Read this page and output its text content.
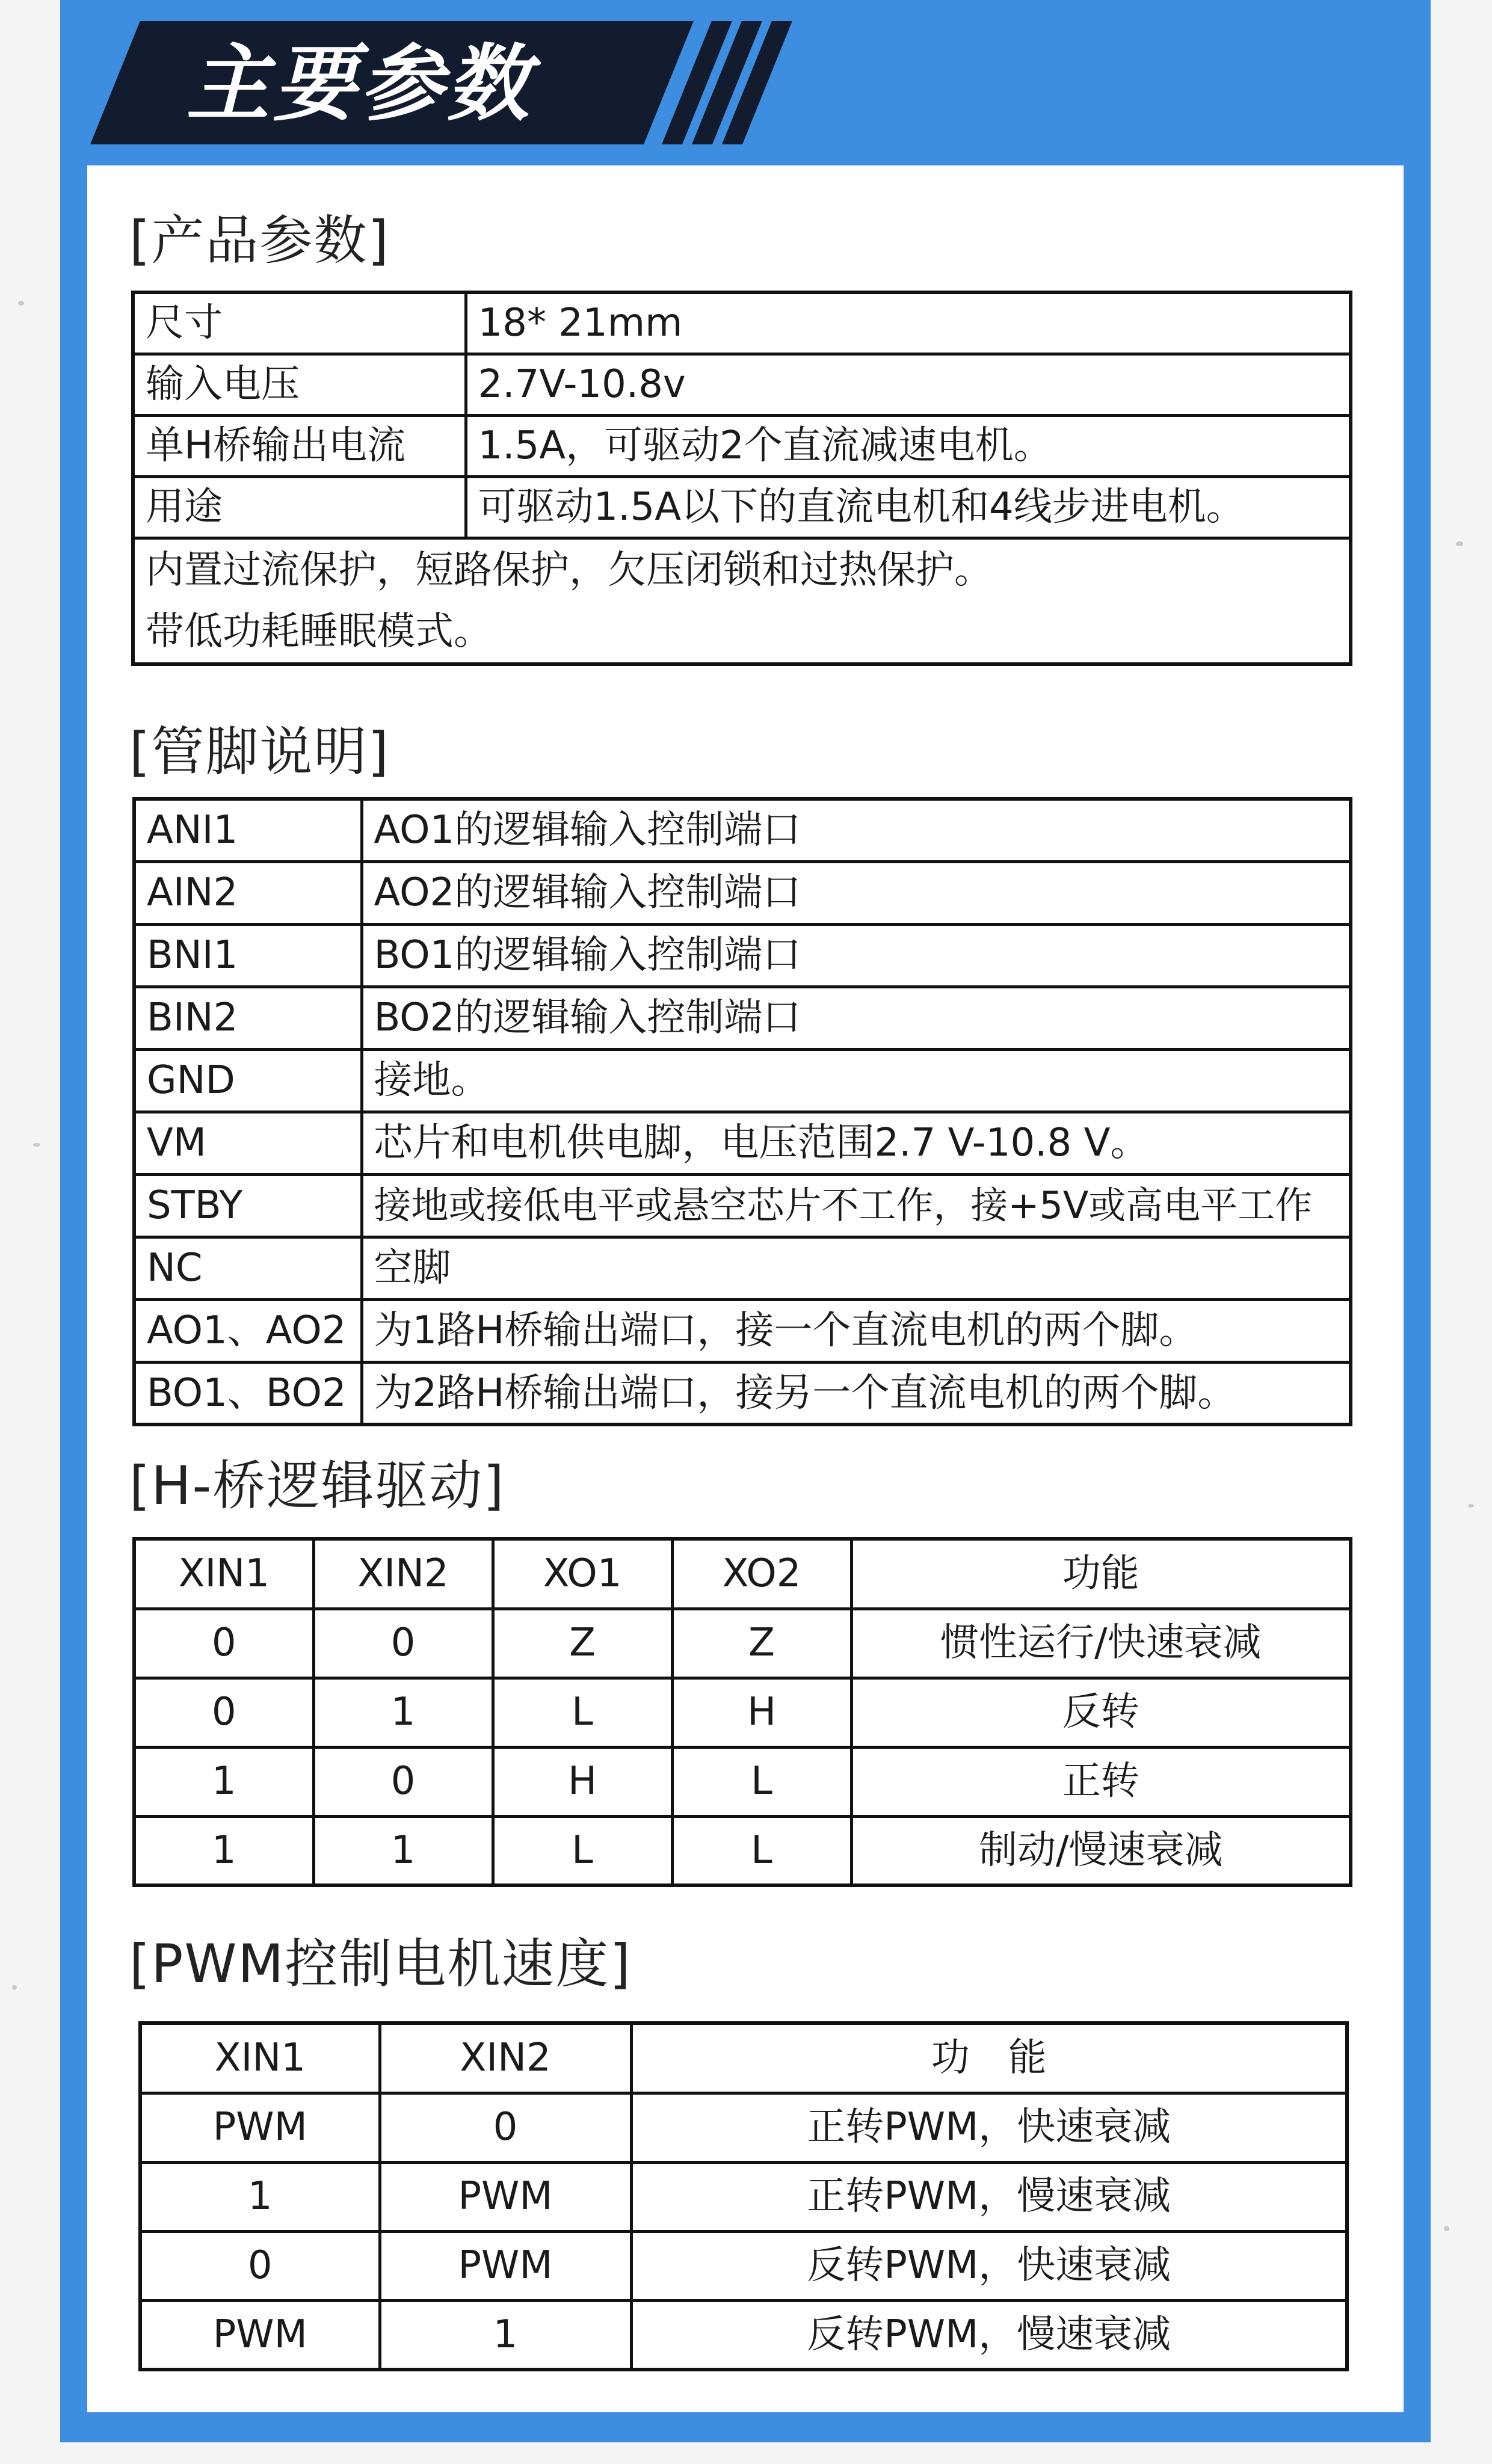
主要参数
[产品参数]
尺寸	18* 21mm
输入电压	2.7V-10.8v
单H桥输出电流	1.5A，可驱动2个直流减速电机。
用途	可驱动1.5A以下的直流电机和4线步进电机。

内置过流保护，短路保护，欠压闭锁和过热保护。
带低功耗睡眠模式。	
[管脚说明]
ANI1	AO1的逻辑输入控制端口
AIN2	AO2的逻辑输入控制端口
BNI1	BO1的逻辑输入控制端口
BIN2	BO2的逻辑输入控制端口
GND	接地。
VM	芯片和电机供电脚，电压范围2.7 V-10.8 V。
STBY	接地或接低电平或悬空芯片不工作，接+5V或高电平工作
NC	空脚
AO1、AO2	为1路H桥输出端口，接一个直流电机的两个脚。
BO1、BO2	为2路H桥输出端口，接另一个直流电机的两个脚。
[H-桥逻辑驱动]
XIN1	XIN2	XO1	XO2	功能
0	0	Z	Z	惯性运行/快速衰减
0	1	L	H	反转
1	0	H	L	正转
1	1	L	L	制动/慢速衰减
[PWM控制电机速度]
XIN1	XIN2	功　能
PWM	0	正转PWM，快速衰减
1	PWM	正转PWM，慢速衰减
0	PWM	反转PWM，快速衰减
PWM	1	反转PWM，慢速衰减
